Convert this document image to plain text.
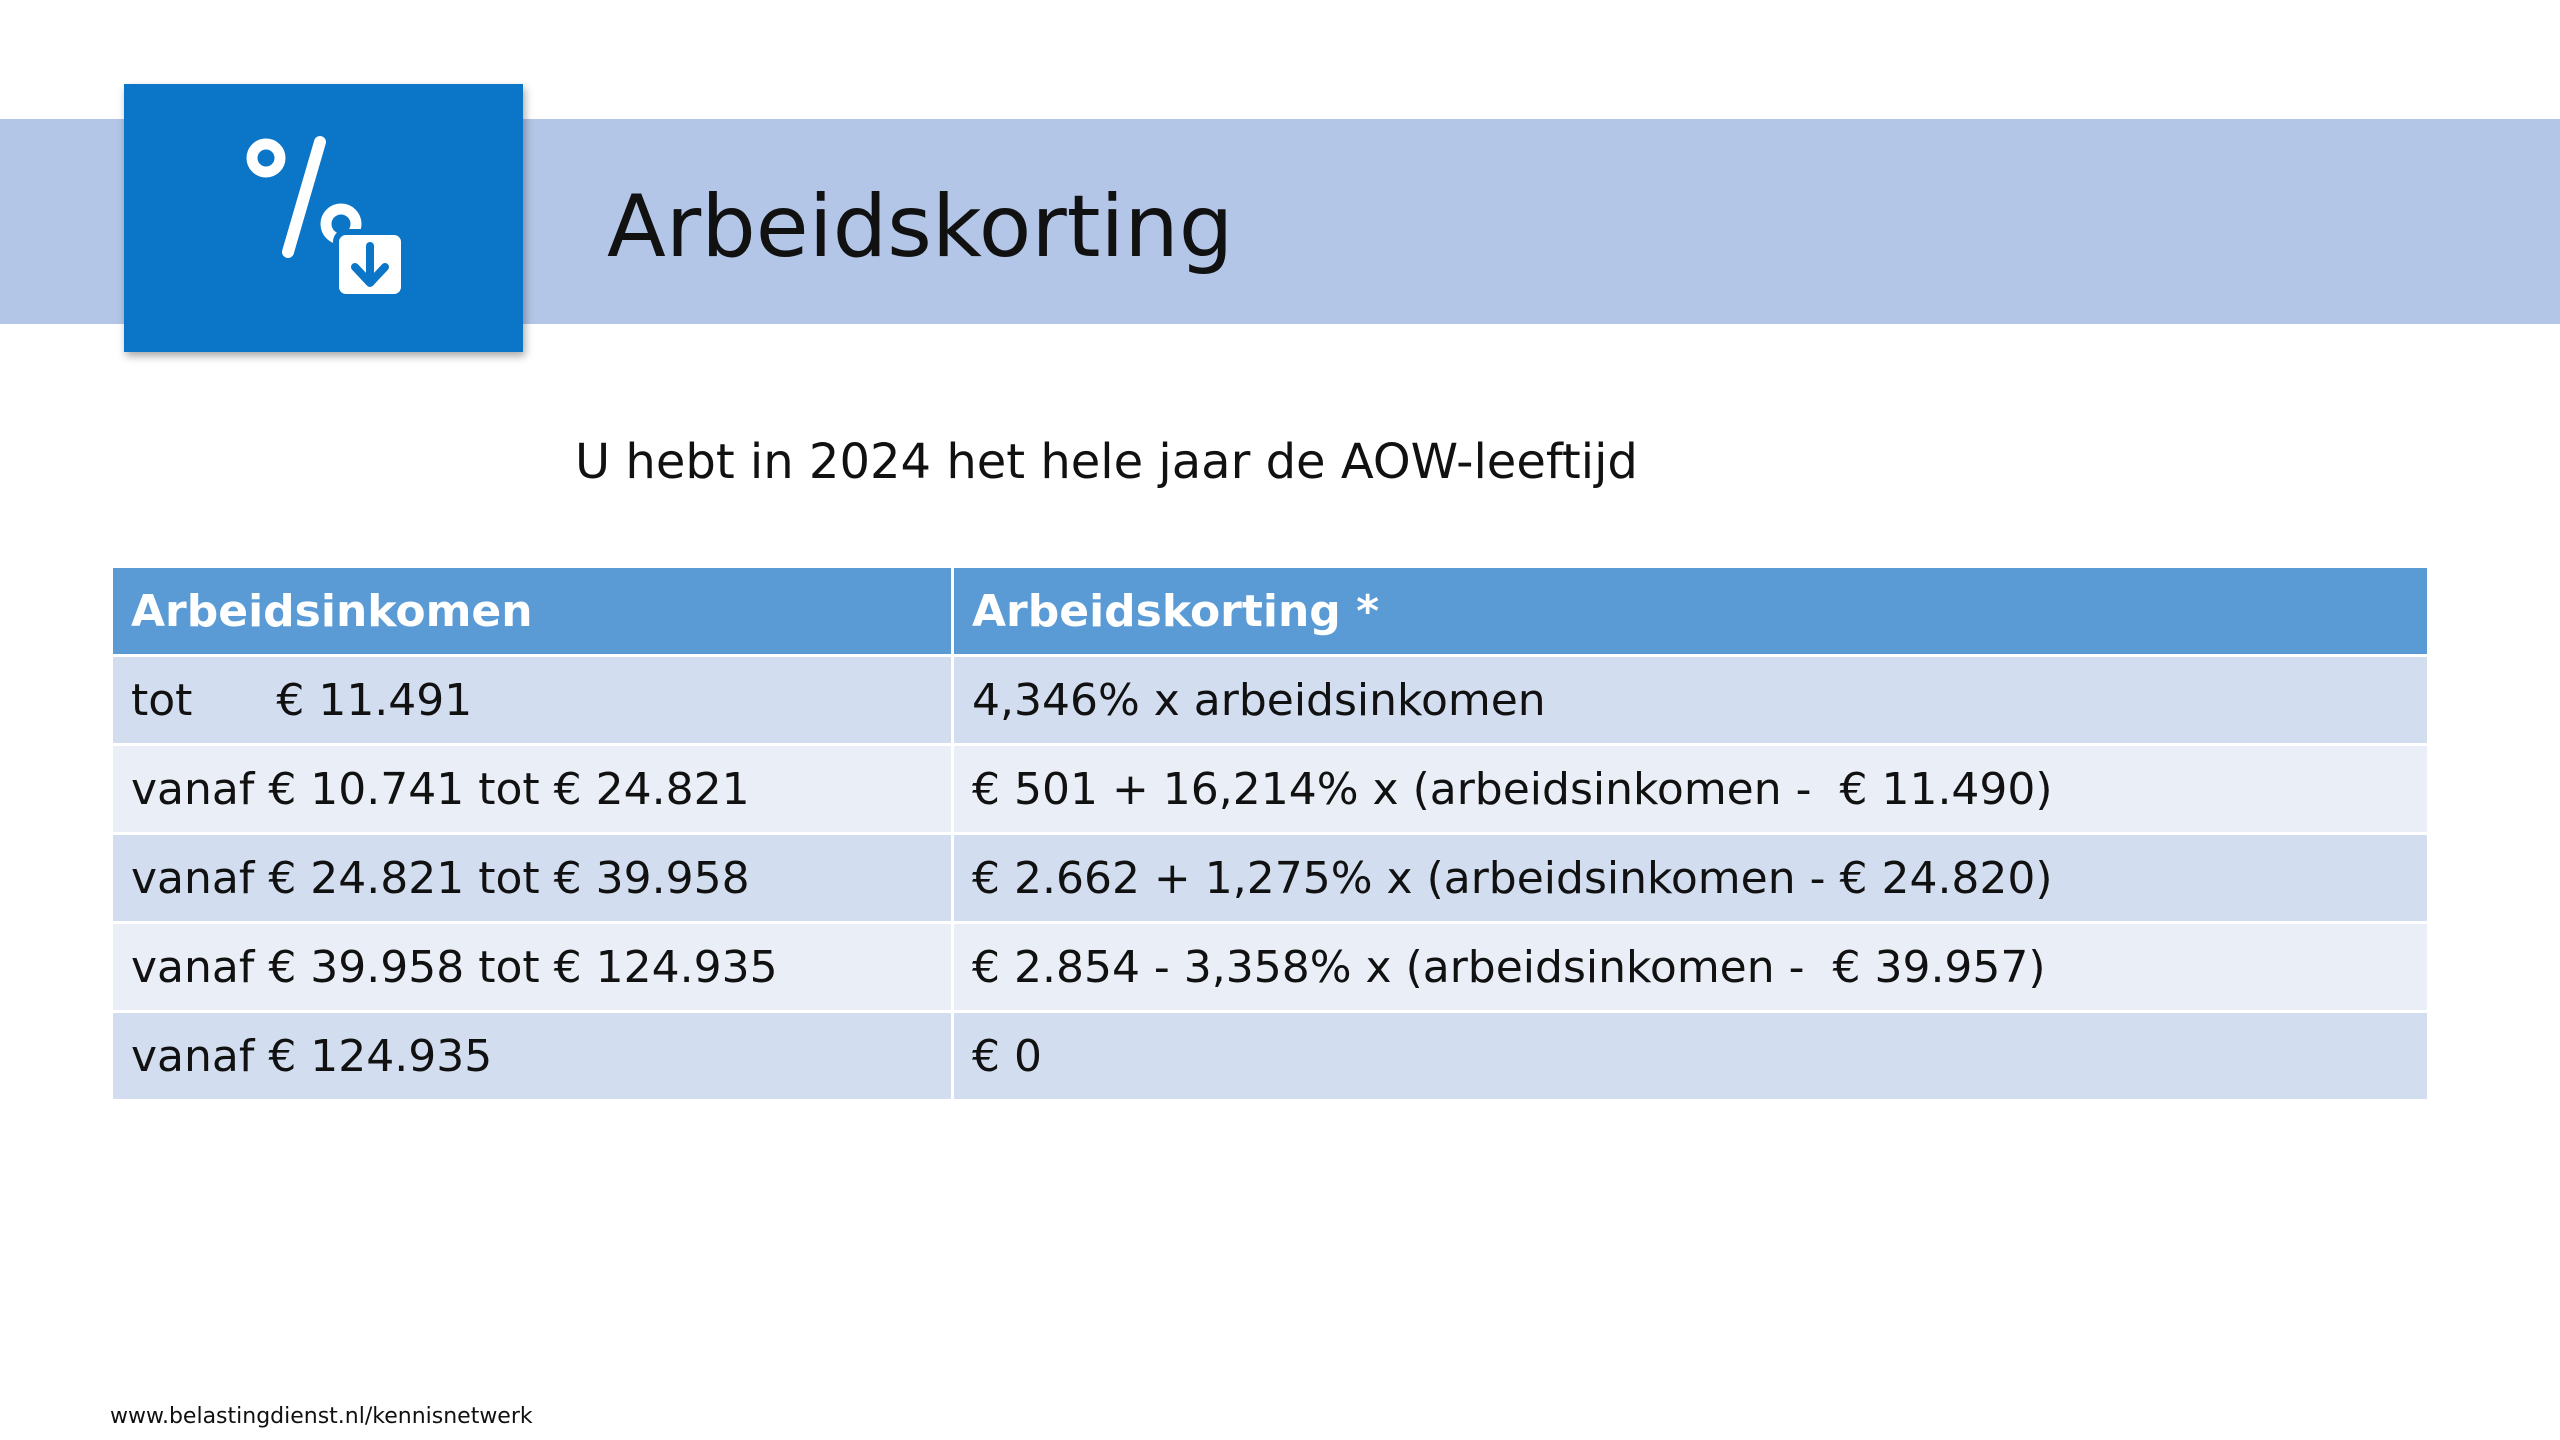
Arbeidskorting
U hebt in 2024 het hele jaar de AOW-leeftijd
Arbeidsinkomen	Arbeidskorting *
tot      € 11.491	4,346% x arbeidsinkomen
vanaf € 10.741 tot € 24.821	€ 501 + 16,214% x (arbeidsinkomen -  € 11.490)
vanaf € 24.821 tot € 39.958	€ 2.662 + 1,275% x (arbeidsinkomen - € 24.820)
vanaf € 39.958 tot € 124.935	€ 2.854 - 3,358% x (arbeidsinkomen -  € 39.957)
vanaf € 124.935	€ 0
www.belastingdienst.nl/kennisnetwerk
